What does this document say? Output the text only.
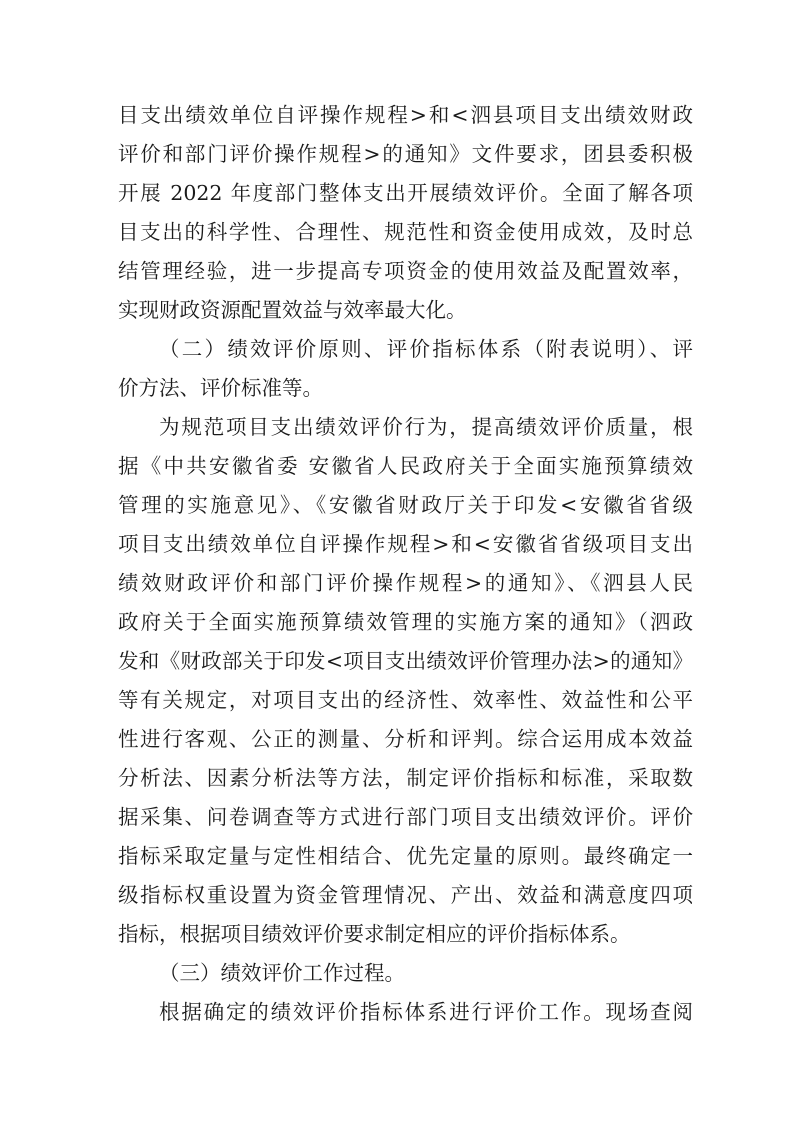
目支出绩效单位自评操作规程>和<泗县项目支出绩效财政
评价和部门评价操作规程>的通知》文件要求，团县委积极
开展 2022 年度部门整体支出开展绩效评价。全面了解各项
目支出的科学性、合理性、规范性和资金使用成效，及时总
结管理经验，进一步提高专项资金的使用效益及配置效率，
实现财政资源配置效益与效率最大化。
（二）绩效评价原则、评价指标体系（附表说明）、评
价方法、评价标准等。
为规范项目支出绩效评价行为，提高绩效评价质量，根
据《中共安徽省委 安徽省人民政府关于全面实施预算绩效
管理的实施意见》、《安徽省财政厅关于印发<安徽省省级
项目支出绩效单位自评操作规程>和<安徽省省级项目支出
绩效财政评价和部门评价操作规程>的通知》、《泗县人民
政府关于全面实施预算绩效管理的实施方案的通知》（泗政
发和《财政部关于印发<项目支出绩效评价管理办法>的通知》
等有关规定，对项目支出的经济性、效率性、效益性和公平
性进行客观、公正的测量、分析和评判。综合运用成本效益
分析法、因素分析法等方法，制定评价指标和标准，采取数
据采集、问卷调查等方式进行部门项目支出绩效评价。评价
指标采取定量与定性相结合、优先定量的原则。最终确定一
级指标权重设置为资金管理情况、产出、效益和满意度四项
指标，根据项目绩效评价要求制定相应的评价指标体系。
（三）绩效评价工作过程。
根据确定的绩效评价指标体系进行评价工作。现场查阅
